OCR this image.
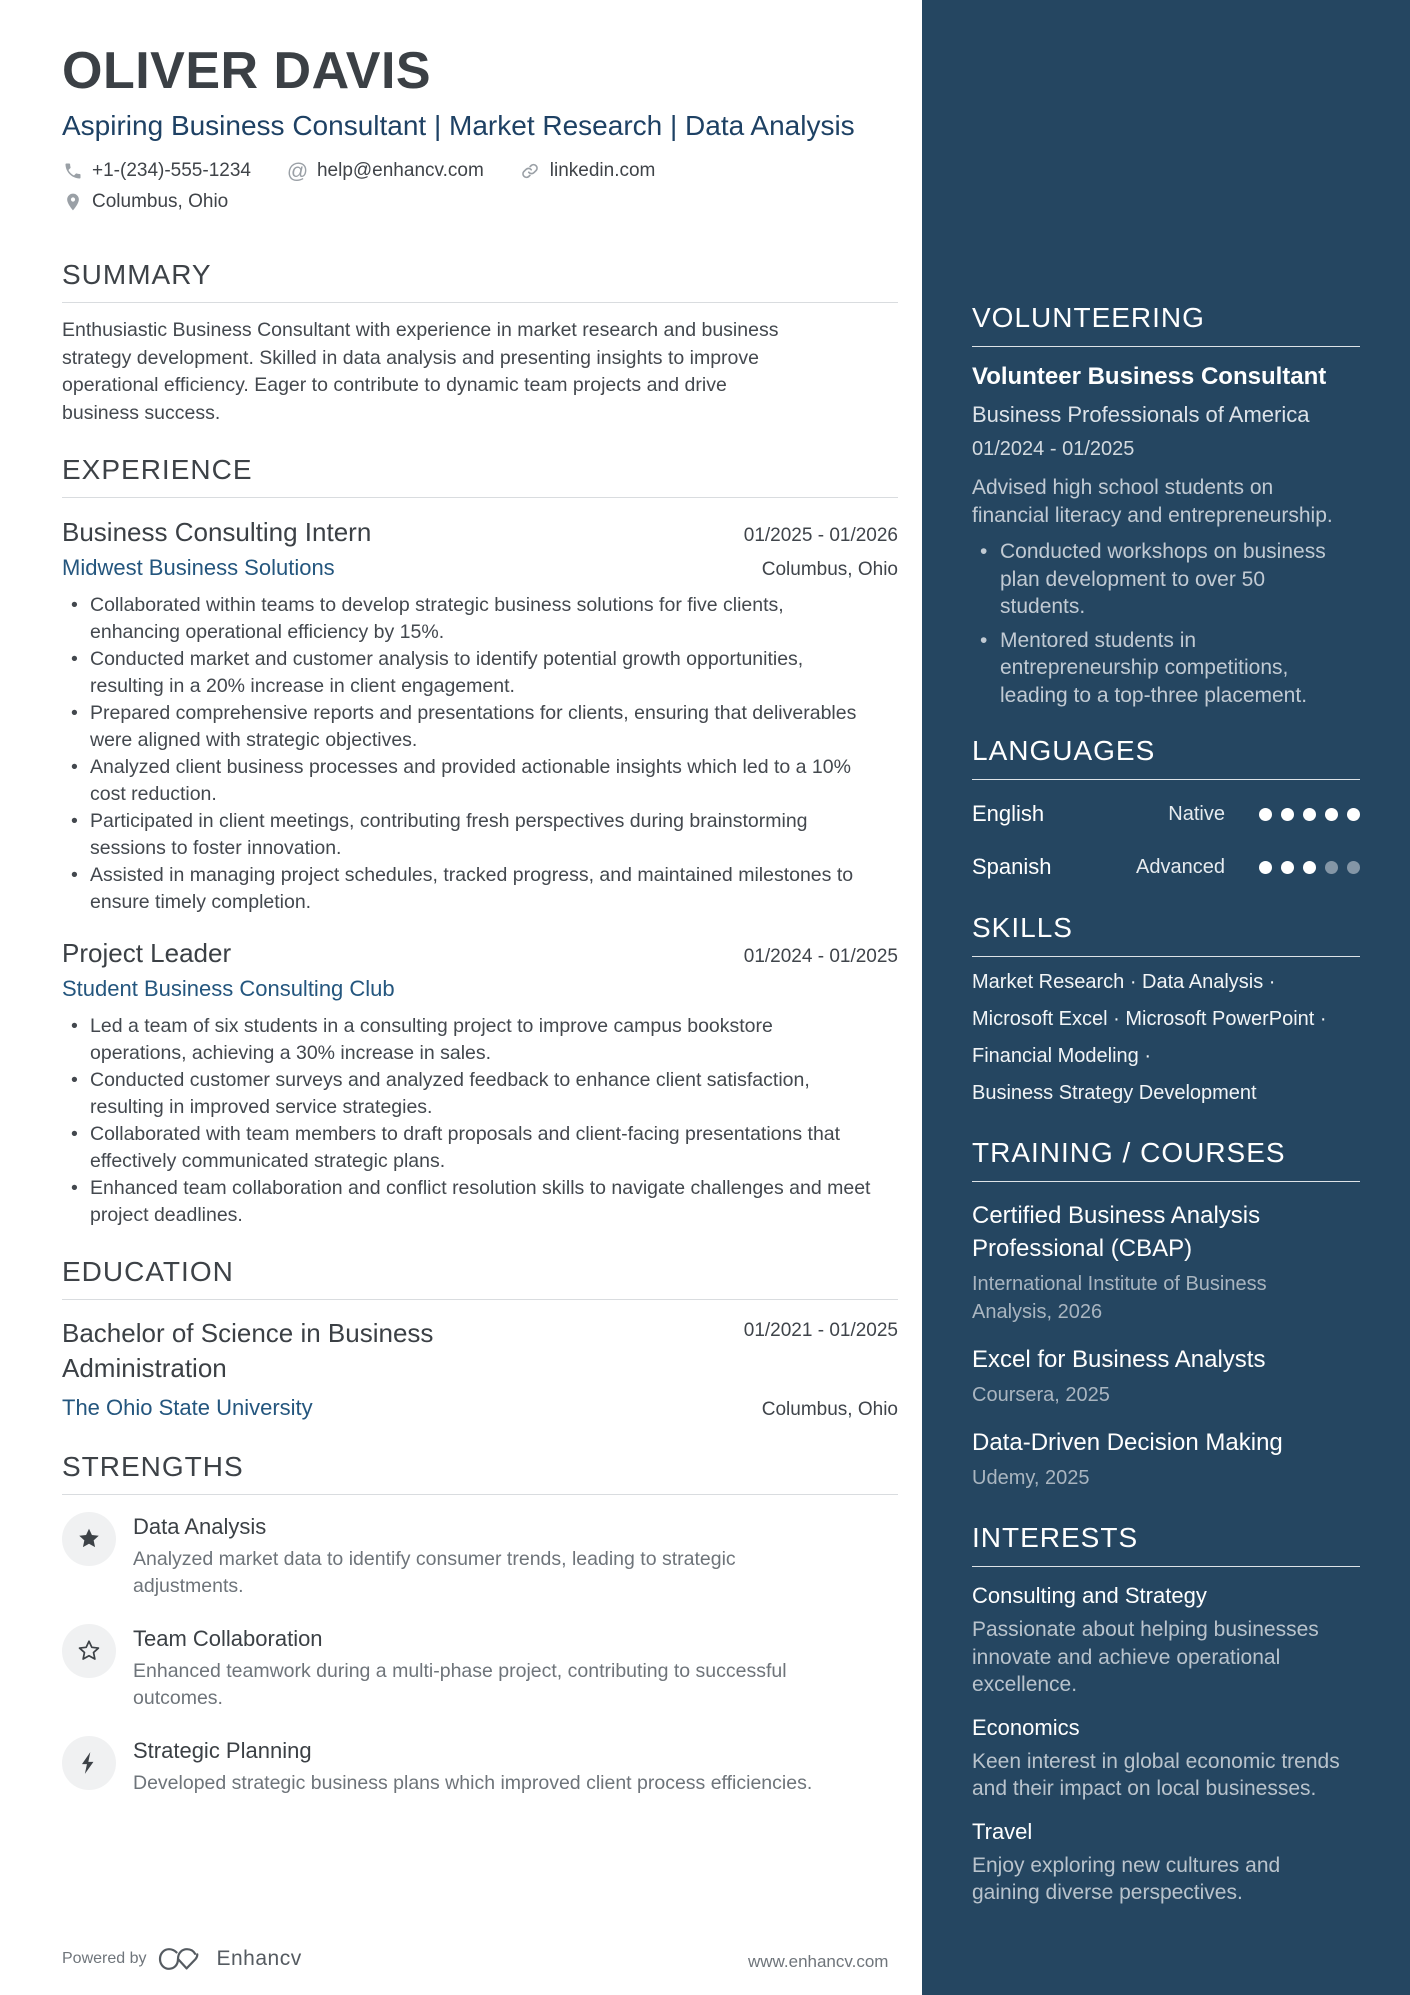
OLIVER DAVIS
Aspiring Business Consultant | Market Research | Data Analysis
+1-(234)-555-1234 @ help@enhancv.com	linkedin.com
Columbus, Ohio
SUMMARY

Enthusiastic Business Consultant with experience in market research and business strategy development. Skilled in data analysis and presenting insights to improve operational efficiency. Eager to contribute to dynamic team projects and drive business success.

EXPERIENCE
Business Consulting Intern	01/2025 - 01/2026
Midwest Business Solutions	Columbus, Ohio
• Collaborated within teams to develop strategic business solutions for five clients, enhancing operational efficiency by 15%.
• Conducted market and customer analysis to identify potential growth opportunities, resulting in a 20% increase in client engagement.
• Prepared comprehensive reports and presentations for clients, ensuring that deliverables were aligned with strategic objectives.
• Analyzed client business processes and provided actionable insights which led to a 10% cost reduction.
• Participated in client meetings, contributing fresh perspectives during brainstorming sessions to foster innovation.
• Assisted in managing project schedules, tracked progress, and maintained milestones to ensure timely completion.
Project Leader	01/2024 - 01/2025
Student Business Consulting Club
• Led a team of six students in a consulting project to improve campus bookstore operations, achieving a 30% increase in sales.
• Conducted customer surveys and analyzed feedback to enhance client satisfaction, resulting in improved service strategies.
• Collaborated with team members to draft proposals and client-facing presentations that effectively communicated strategic plans.
• Enhanced team collaboration and conflict resolution skills to navigate challenges and meet project deadlines.
EDUCATION
Bachelor of Science in Business Administration
01/2021 - 01/2025
The Ohio State University	Columbus, Ohio
STRENGTHS
Data Analysis
Analyzed market data to identify consumer trends, leading to strategic adjustments.
Team Collaboration
Enhanced teamwork during a multi-phase project, contributing to successful outcomes.
Strategic Planning
Developed strategic business plans which improved client process efficiencies.
Powered by	Enhancv	www.enhancv.com
VOLUNTEERING
Volunteer Business Consultant
Business Professionals of America
01/2024 - 01/2025

Advised high school students on financial literacy and entrepreneurship.

• Conducted workshops on business plan development to over 50 students.
• Mentored students in entrepreneurship competitions, leading to a top-three placement.
LANGUAGES
English	Native
Spanish	Advanced
SKILLS
Market Research · Data Analysis ·
Microsoft Excel · Microsoft PowerPoint ·
Financial Modeling ·
Business Strategy Development
TRAINING / COURSES
Certified Business Analysis Professional (CBAP)
International Institute of Business Analysis, 2026
Excel for Business Analysts
Coursera, 2025
Data-Driven Decision Making
Udemy, 2025
INTERESTS
Consulting and Strategy
Passionate about helping businesses innovate and achieve operational excellence.
Economics
Keen interest in global economic trends and their impact on local businesses.
Travel
Enjoy exploring new cultures and gaining diverse perspectives.
